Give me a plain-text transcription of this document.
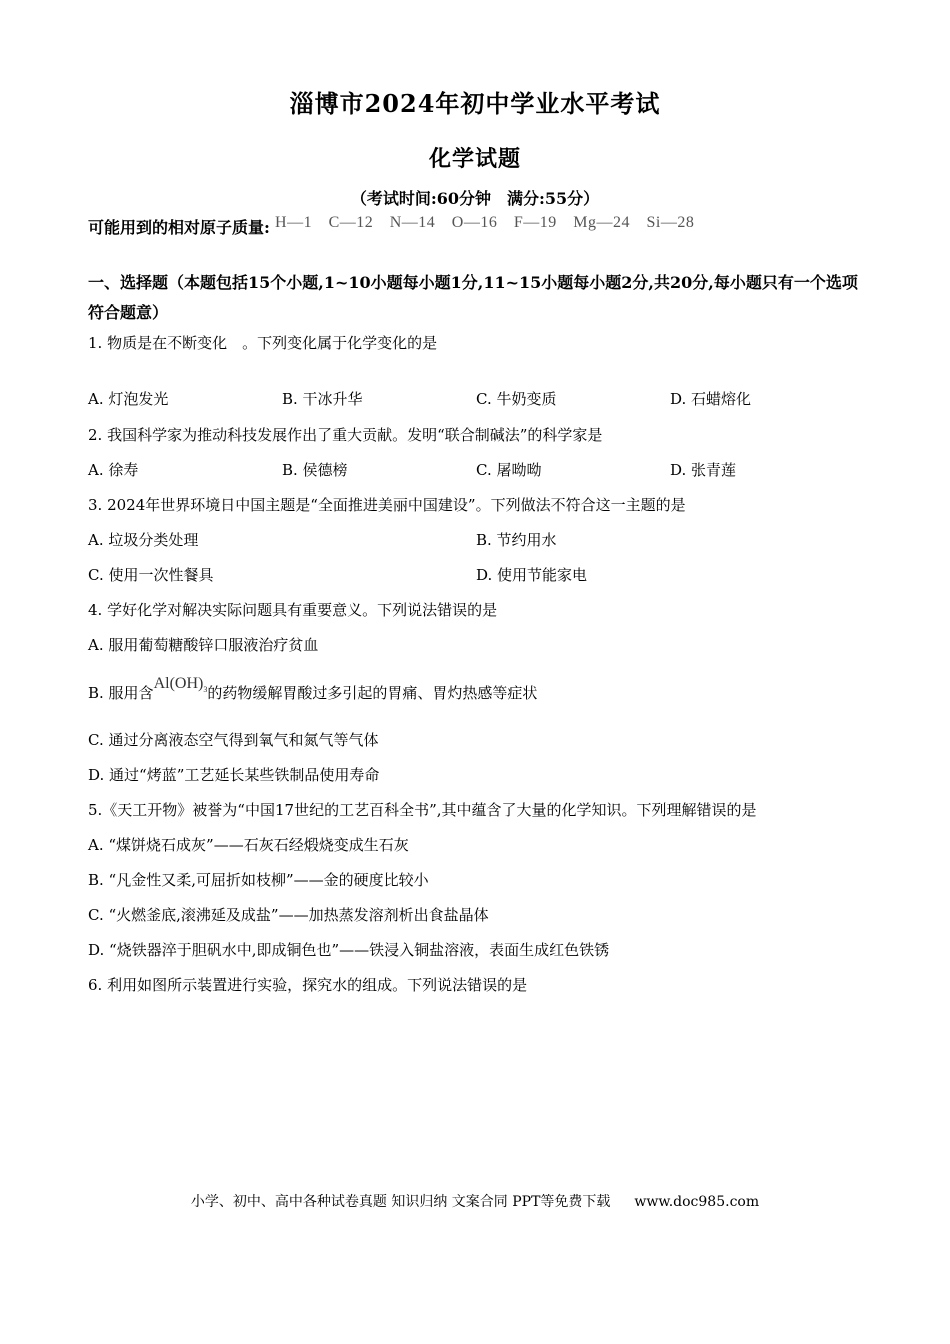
淄博市2024年初中学业水平考试
化学试题
（考试时间:60分钟　满分:55分）
可能用到的相对原子质量: H—1　C—12　N—14　O—16　F—19　Mg—24　Si—28
一、选择题（本题包括15个小题,1~10小题每小题1分,11~15小题每小题2分,共20分,每小题只有一个选项符合题意）
1. 物质是在不断变化　。下列变化属于化学变化的是
A. 灯泡发光	B. 干冰升华	C. 牛奶变质	D. 石蜡熔化
2. 我国科学家为推动科技发展作出了重大贡献。发明“联合制碱法”的科学家是
A. 徐寿	B. 侯德榜	C. 屠呦呦	D. 张青莲
3. 2024年世界环境日中国主题是“全面推进美丽中国建设”。下列做法不符合这一主题的是
A. 垃圾分类处理	B. 节约用水
C. 使用一次性餐具	D. 使用节能家电
4. 学好化学对解决实际问题具有重要意义。下列说法错误的是
A. 服用葡萄糖酸锌口服液治疗贫血
B. 服用含$Al(OH)_3$的药物缓解胃酸过多引起的胃痛、胃灼热感等症状
C. 通过分离液态空气得到氧气和氮气等气体
D. 通过“烤蓝”工艺延长某些铁制品使用寿命
5.《天工开物》被誉为“中国17世纪的工艺百科全书”,其中蕴含了大量的化学知识。下列理解错误的是
A. “煤饼烧石成灰”——石灰石经煅烧变成生石灰
B. “凡金性又柔,可屈折如枝柳”——金的硬度比较小
C. “火燃釜底,滚沸延及成盐”——加热蒸发溶剂析出食盐晶体
D. “烧铁器淬于胆矾水中,即成铜色也”——铁浸入铜盐溶液，表面生成红色铁锈
6. 利用如图所示装置进行实验，探究水的组成。下列说法错误的是
小学、初中、高中各种试卷真题 知识归纳 文案合同 PPT等免费下载 www.doc985.com
